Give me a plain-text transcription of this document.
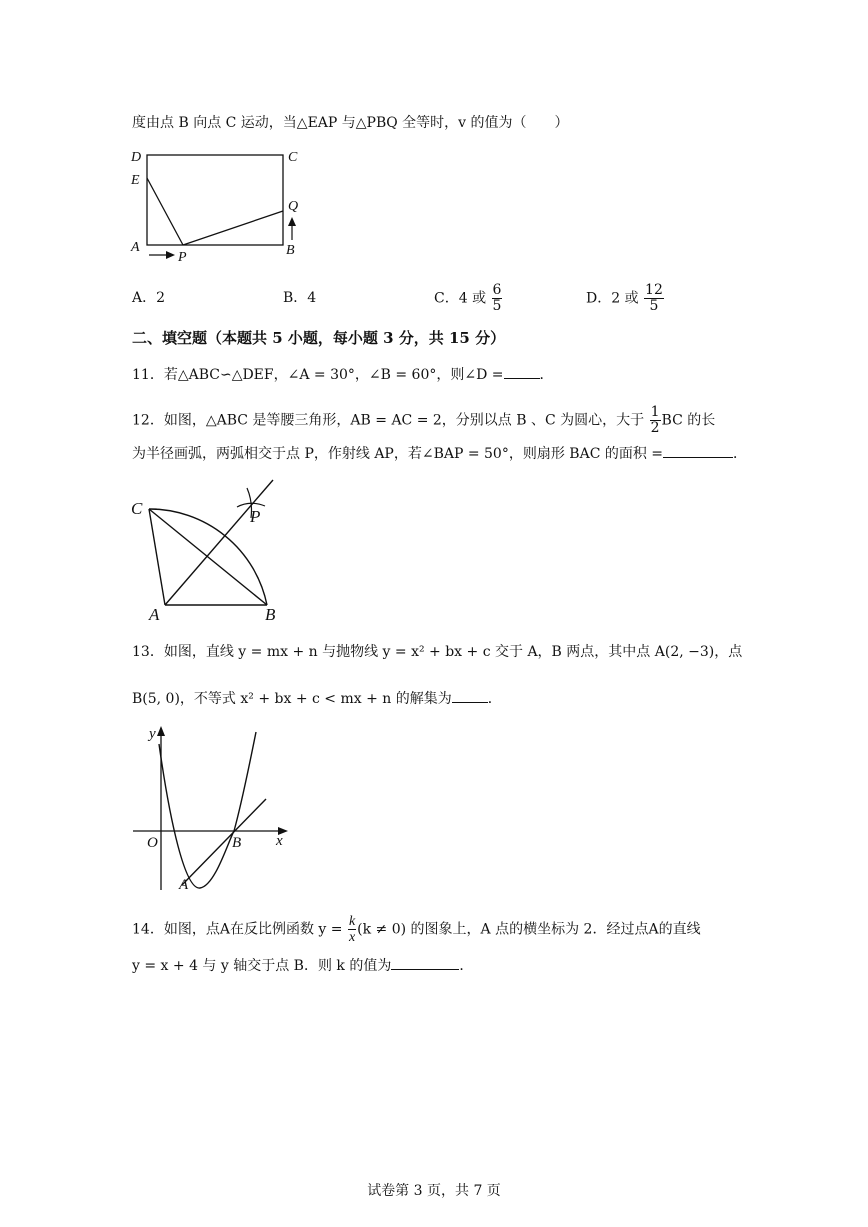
度由点 B 向点 C 运动，当△EAP 与△PBQ 全等时，v 的值为（　　）
D	C
E
Q
A	B
P
A．2	B．4	C．4 或 $\frac{6}{5}$	D．2 或 $\frac{12}{5}$
二、填空题（本题共 5 小题，每小题 3 分，共 15 分）
11．若△ABC∽△DEF，∠A = 30°，∠B = 60°，则∠D =	．
12．如图，△ABC 是等腰三角形，AB = AC = 2，分别以点 B 、C 为圆心，大于 $\frac{1}{2}$ BC 的长
为半径画弧，两弧相交于点 P，作射线 AP，若∠BAP = 50°，则扇形 BAC 的面积 =	．
C	P
A	B
13．如图，直线 y = mx + n 与抛物线 y = x² + bx + c 交于 A，B 两点，其中点 A(2, −3)，点
B(5, 0)，不等式 x² + bx + c < mx + n 的解集为	．
y
x
O	B
A
14．如图，点A在反比例函数 $y = \frac{k}{x} (k \ne 0)$ 的图象上，A 点的横坐标为 2．经过点A的直线
y = x + 4 与 y 轴交于点 B．则 k 的值为	．
试卷第 3 页，共 7 页
